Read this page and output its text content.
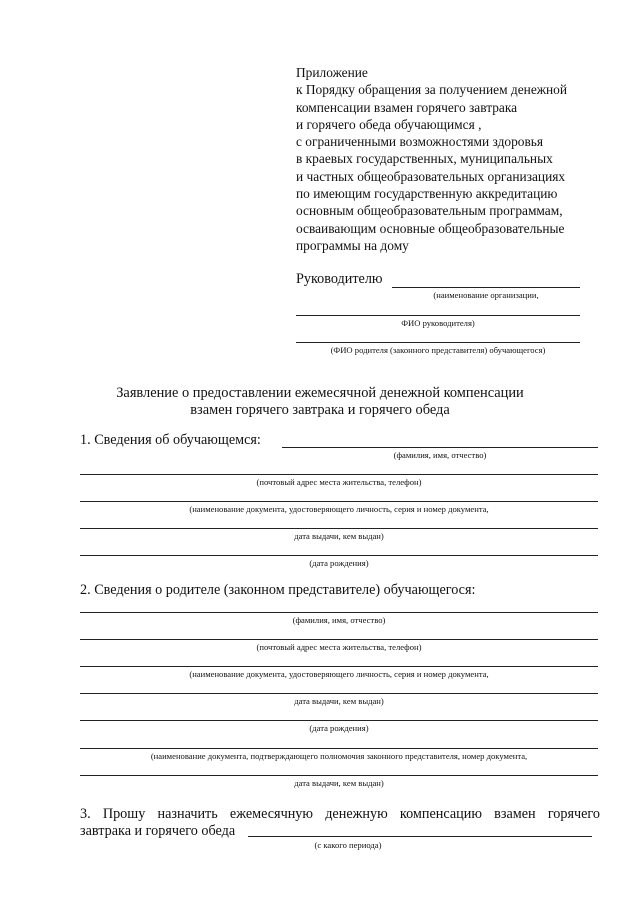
Приложение
к Порядку обращения за получением денежной
компенсации взамен горячего завтрака
и горячего обеда обучающимся ,
с ограниченными возможностями здоровья
в краевых государственных, муниципальных
и частных общеобразовательных организациях
по имеющим государственную аккредитацию
основным общеобразовательным программам,
осваивающим основные общеобразовательные
программы на дому
Руководителю
(наименование организации,
ФИО руководителя)
(ФИО родителя (законного представителя) обучающегося)
Заявление о предоставлении ежемесячной денежной компенсации
взамен горячего завтрака и горячего обеда
1. Сведения об обучающемся:
(фамилия, имя, отчество)
(почтовый адрес места жительства, телефон)
(наименование документа, удостоверяющего личность, серия и номер документа,
дата выдачи, кем выдан)
(дата рождения)
2. Сведения о родителе (законном представителе) обучающегося:
(фамилия, имя, отчество)
(почтовый адрес места жительства, телефон)
(наименование документа, удостоверяющего личность, серия и номер документа,
дата выдачи, кем выдан)
(дата рождения)
(наименование документа, подтверждающего полномочия законного представителя, номер документа,
дата выдачи, кем выдан)
3. Прошу назначить ежемесячную денежную компенсацию взамен горячего
завтрака и горячего обеда
(с какого периода)
